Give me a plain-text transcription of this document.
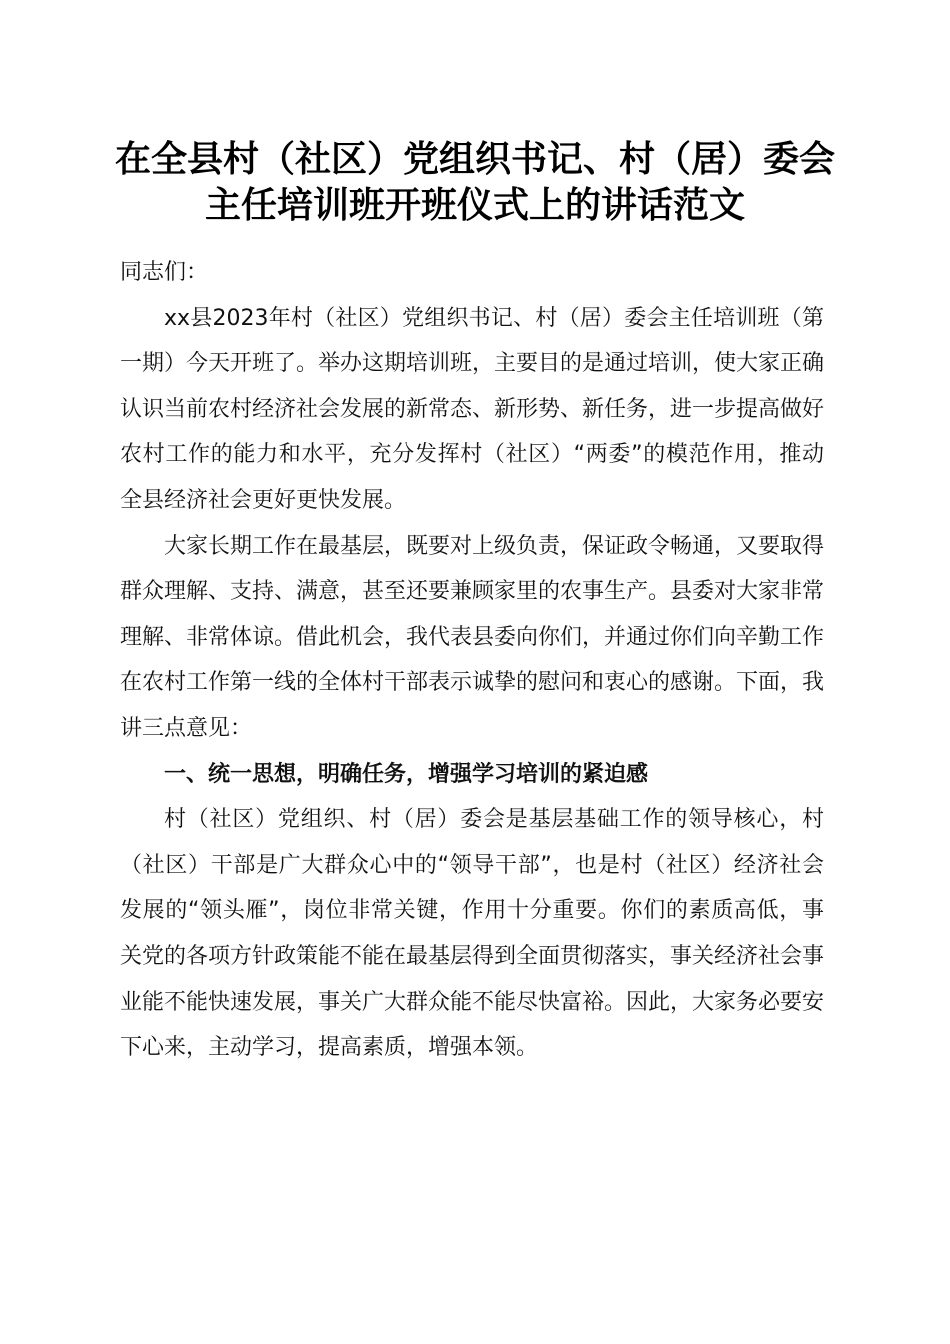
在全县村（社区）党组织书记、村（居）委会
主任培训班开班仪式上的讲话范文

同志们：

xx县2023年村（社区）党组织书记、村（居）委会主任培训班（第一期）今天开班了。举办这期培训班，主要目的是通过培训，使大家正确认识当前农村经济社会发展的新常态、新形势、新任务，进一步提高做好农村工作的能力和水平，充分发挥村（社区）“两委”的模范作用，推动全县经济社会更好更快发展。

大家长期工作在最基层，既要对上级负责，保证政令畅通，又要取得群众理解、支持、满意，甚至还要兼顾家里的农事生产。县委对大家非常理解、非常体谅。借此机会，我代表县委向你们，并通过你们向辛勤工作在农村工作第一线的全体村干部表示诚挚的慰问和衷心的感谢。下面，我讲三点意见：

一、统一思想，明确任务，增强学习培训的紧迫感

村（社区）党组织、村（居）委会是基层基础工作的领导核心，村（社区）干部是广大群众心中的“领导干部”，也是村（社区）经济社会发展的“领头雁”，岗位非常关键，作用十分重要。你们的素质高低，事关党的各项方针政策能不能在最基层得到全面贯彻落实，事关经济社会事业能不能快速发展，事关广大群众能不能尽快富裕。因此，大家务必要安下心来，主动学习，提高素质，增强本领。
